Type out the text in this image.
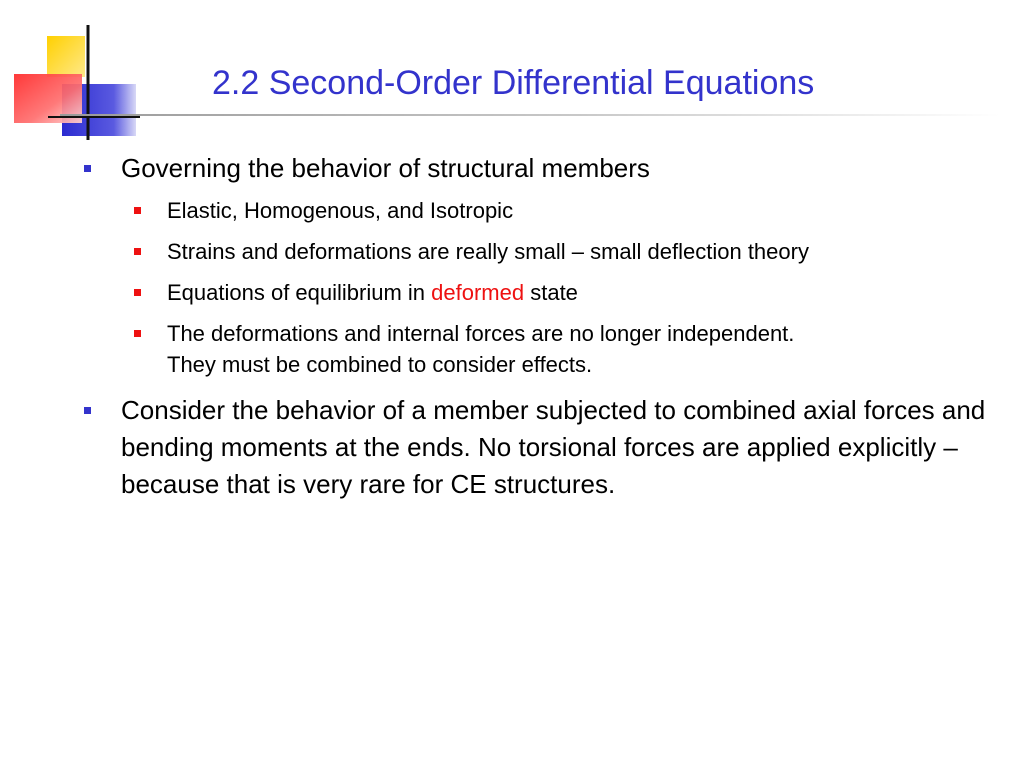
2.2 Second-Order Differential Equations
Governing the behavior of structural members
Elastic, Homogenous, and Isotropic
Strains and deformations are really small – small deflection theory
Equations of equilibrium in deformed state
The deformations and internal forces are no longer independent.
They must be combined to consider effects.
Consider the behavior of a member subjected to combined axial forces and bending moments at the ends. No torsional forces are applied explicitly – because that is very rare for CE structures.
